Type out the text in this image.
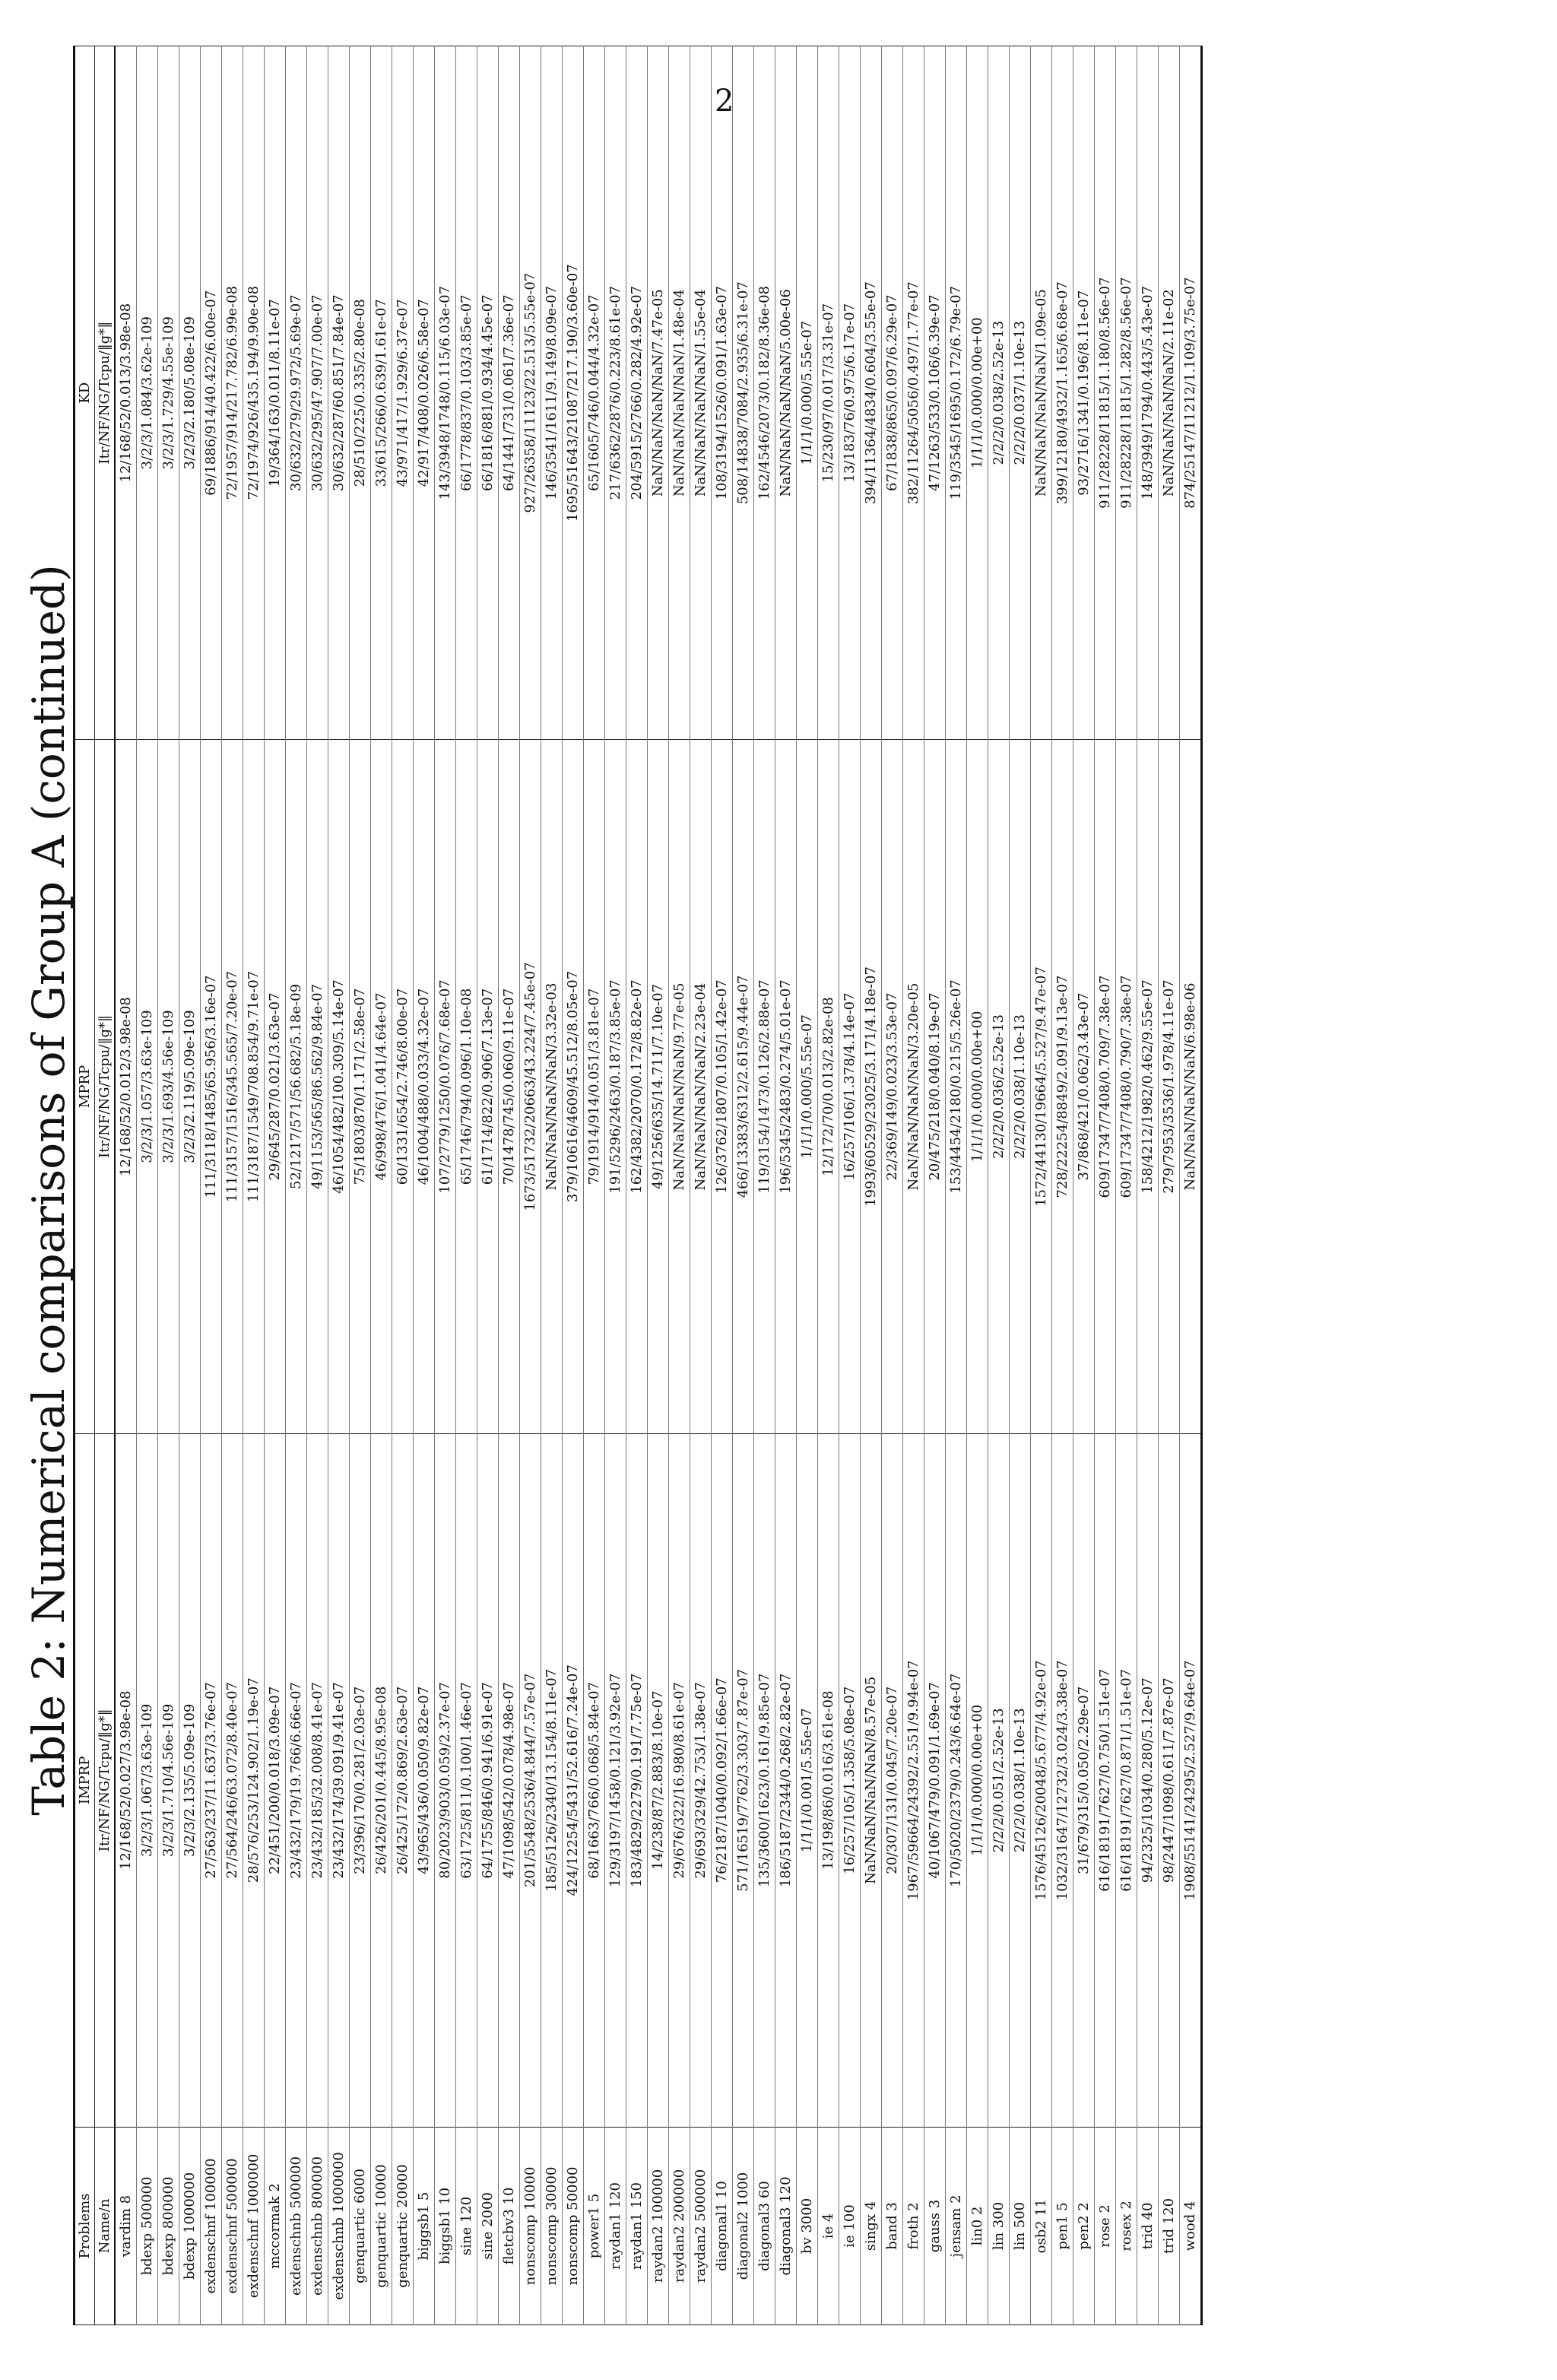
Table 2: Numerical comparisons of Group A (continued)
Problems	IMPRP	MPRP	KD
Name/n	Itr/NF/NG/Tcpu/‖g*‖	Itr/NF/NG/Tcpu/‖g*‖	Itr/NF/NG/Tcpu/‖g*‖
vardim 8	12/168/52/0.027/3.98e-08	12/168/52/0.012/3.98e-08	12/168/52/0.013/3.98e-08
bdexp 500000	3/2/3/1.067/3.63e-109	3/2/3/1.057/3.63e-109	3/2/3/1.084/3.62e-109
bdexp 800000	3/2/3/1.710/4.56e-109	3/2/3/1.693/4.56e-109	3/2/3/1.729/4.55e-109
bdexp 1000000	3/2/3/2.135/5.09e-109	3/2/3/2.119/5.09e-109	3/2/3/2.180/5.08e-109
exdenschnf 100000	27/563/237/11.637/3.76e-07	111/3118/1485/65.956/3.16e-07	69/1886/914/40.422/6.00e-07
exdenschnf 500000	27/564/246/63.072/8.40e-07	111/3157/1516/345.565/7.20e-07	72/1957/914/217.782/6.99e-08
exdenschnf 1000000	28/576/253/124.902/1.19e-07	111/3187/1549/708.854/9.71e-07	72/1974/926/435.194/9.90e-08
mccormak 2	22/451/200/0.018/3.09e-07	29/645/287/0.021/3.63e-07	19/364/163/0.011/8.11e-07
exdenschnb 500000	23/432/179/19.766/6.66e-07	52/1217/571/56.682/5.18e-09	30/632/279/29.972/5.69e-07
exdenschnb 800000	23/432/185/32.008/8.41e-07	49/1153/565/86.562/9.84e-07	30/632/295/47.907/7.00e-07
exdenschnb 1000000	23/432/174/39.091/9.41e-07	46/1054/482/100.309/5.14e-07	30/632/287/60.851/7.84e-07
genquartic 6000	23/396/170/0.281/2.03e-07	75/1803/870/1.171/2.58e-07	28/510/225/0.335/2.80e-08
genquartic 10000	26/426/201/0.445/8.95e-08	46/998/476/1.041/4.64e-07	33/615/266/0.639/1.61e-07
genquartic 20000	26/425/172/0.869/2.63e-07	60/1331/654/2.746/8.00e-07	43/971/417/1.929/6.37e-07
biggsb1 5	43/965/436/0.050/9.82e-07	46/1004/488/0.033/4.32e-07	42/917/408/0.026/6.58e-07
biggsb1 10	80/2023/903/0.059/2.37e-07	107/2779/1250/0.076/7.68e-07	143/3948/1748/0.115/6.03e-07
sine 120	63/1725/811/0.100/1.46e-07	65/1746/794/0.096/1.10e-08	66/1778/837/0.103/3.85e-07
sine 2000	64/1755/846/0.941/6.91e-07	61/1714/822/0.906/7.13e-07	66/1816/881/0.934/4.45e-07
fletcbv3 10	47/1098/542/0.078/4.98e-07	70/1478/745/0.060/9.11e-07	64/1441/731/0.061/7.36e-07
nonscomp 10000	201/5548/2536/4.844/7.57e-07	1673/51732/20663/43.224/7.45e-07	927/26358/11123/22.513/5.55e-07
nonscomp 30000	185/5126/2340/13.154/8.11e-07	NaN/NaN/NaN/NaN/3.32e-03	146/3541/1611/9.149/8.09e-07
nonscomp 50000	424/12254/5431/52.616/7.24e-07	379/10616/4609/45.512/8.05e-07	1695/51643/21087/217.190/3.60e-07
power1 5	68/1663/766/0.068/5.84e-07	79/1914/914/0.051/3.81e-07	65/1605/746/0.044/4.32e-07
raydan1 120	129/3197/1458/0.121/3.92e-07	191/5296/2463/0.187/3.85e-07	217/6362/2876/0.223/8.61e-07
raydan1 150	183/4829/2279/0.191/7.75e-07	162/4382/2070/0.172/8.82e-07	204/5915/2766/0.282/4.92e-07
raydan2 100000	14/238/87/2.883/8.10e-07	49/1256/635/14.711/7.10e-07	NaN/NaN/NaN/NaN/7.47e-05
raydan2 200000	29/676/322/16.980/8.61e-07	NaN/NaN/NaN/NaN/9.77e-05	NaN/NaN/NaN/NaN/1.48e-04
raydan2 500000	29/693/329/42.753/1.38e-07	NaN/NaN/NaN/NaN/2.23e-04	NaN/NaN/NaN/NaN/1.55e-04
diagonal1 10	76/2187/1040/0.092/1.66e-07	126/3762/1807/0.105/1.42e-07	108/3194/1526/0.091/1.63e-07
diagonal2 1000	571/16519/7762/3.303/7.87e-07	466/13383/6312/2.615/9.44e-07	508/14838/7084/2.935/6.31e-07
diagonal3 60	135/3600/1623/0.161/9.85e-07	119/3154/1473/0.126/2.88e-07	162/4546/2073/0.182/8.36e-08
diagonal3 120	186/5187/2344/0.268/2.82e-07	196/5345/2483/0.274/5.01e-07	NaN/NaN/NaN/NaN/5.00e-06
bv 3000	1/1/1/0.001/5.55e-07	1/1/1/0.000/5.55e-07	1/1/1/0.000/5.55e-07
ie 4	13/198/86/0.016/3.61e-08	12/172/70/0.013/2.82e-08	15/230/97/0.017/3.31e-07
ie 100	16/257/105/1.358/5.08e-07	16/257/106/1.378/4.14e-07	13/183/76/0.975/6.17e-07
singx 4	NaN/NaN/NaN/NaN/8.57e-05	1993/60529/23025/3.171/4.18e-07	394/11364/4834/0.604/3.55e-07
band 3	20/307/131/0.045/7.20e-07	22/369/149/0.023/3.53e-07	67/1838/865/0.097/6.29e-07
froth 2	1967/59664/24392/2.551/9.94e-07	NaN/NaN/NaN/NaN/3.20e-05	382/11264/5056/0.497/1.77e-07
gauss 3	40/1067/479/0.091/1.69e-07	20/475/218/0.040/8.19e-07	47/1263/533/0.106/6.39e-07
jensam 2	170/5020/2379/0.243/6.64e-07	153/4454/2180/0.215/5.26e-07	119/3545/1695/0.172/6.79e-07
lin0 2	1/1/1/0.000/0.00e+00	1/1/1/0.000/0.00e+00	1/1/1/0.000/0.00e+00
lin 300	2/2/2/0.051/2.52e-13	2/2/2/0.036/2.52e-13	2/2/2/0.038/2.52e-13
lin 500	2/2/2/0.038/1.10e-13	2/2/2/0.038/1.10e-13	2/2/2/0.037/1.10e-13
osb2 11	1576/45126/20048/5.677/4.92e-07	1572/44130/19664/5.527/9.47e-07	NaN/NaN/NaN/NaN/1.09e-05
pen1 5	1032/31647/12732/3.024/3.38e-07	728/22254/8849/2.091/9.13e-07	399/12180/4932/1.165/6.68e-07
pen2 2	31/679/315/0.050/2.29e-07	37/868/421/0.062/3.43e-07	93/2716/1341/0.196/8.11e-07
rose 2	616/18191/7627/0.750/1.51e-07	609/17347/7408/0.709/7.38e-07	911/28228/11815/1.180/8.56e-07
rosex 2	616/18191/7627/0.871/1.51e-07	609/17347/7408/0.790/7.38e-07	911/28228/11815/1.282/8.56e-07
trid 40	94/2325/1034/0.280/5.12e-07	158/4212/1982/0.462/9.55e-07	148/3949/1794/0.443/5.43e-07
trid 120	98/2447/1098/0.611/7.87e-07	279/7953/3536/1.978/4.11e-07	NaN/NaN/NaN/NaN/2.11e-02
wood 4	1908/55141/24295/2.527/9.64e-07	NaN/NaN/NaN/NaN/6.98e-06	874/25147/11212/1.109/3.75e-07
2
